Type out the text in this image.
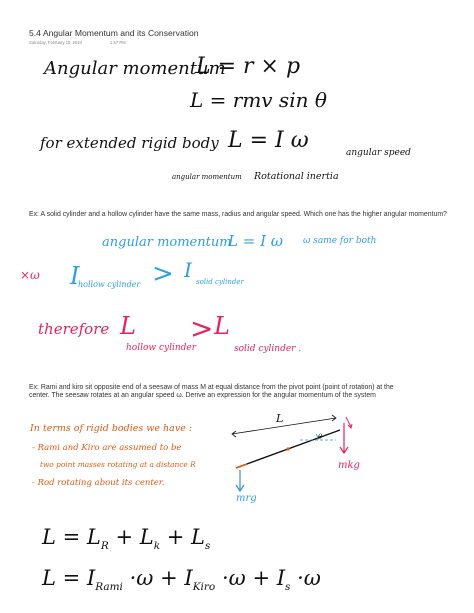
5.4 Angular Momentum and its Conservation
Saturday, February 10, 2024	1:57 PM
Angular momentum
L = r × p
L = rmv sin θ
for extended rigid body L = I ω	angular speed
angular momentum Rotational inertia
Ex: A solid cylinder and a hollow cylinder have the same mass, radius and angular speed. Which one has the higher angular momentum?
angular momentum
L = I ω ω same for both
×ω I
hollow cylinder > I solid cylinder
therefore L
hollow cylinder
> L
solid cylinder .
Ex: Rami and kiro sit opposite end of a seesaw of mass M at equal distance from the pivot point (point of rotation) at the center. The seesaw rotates at an angular speed ω. Derive an expression for the angular momentum of the system
In terms of rigid bodies we have :
- Rami and Kiro are assumed to be
two point masses rotating at a distance R
- Rod rotating about its center.
L
θ
mkg
mrg
$L = L_R + L_k + L_s$
$L = I_{Rami} \cdot\omega + I_{Kiro} \cdot\omega + I_s \cdot\omega$
